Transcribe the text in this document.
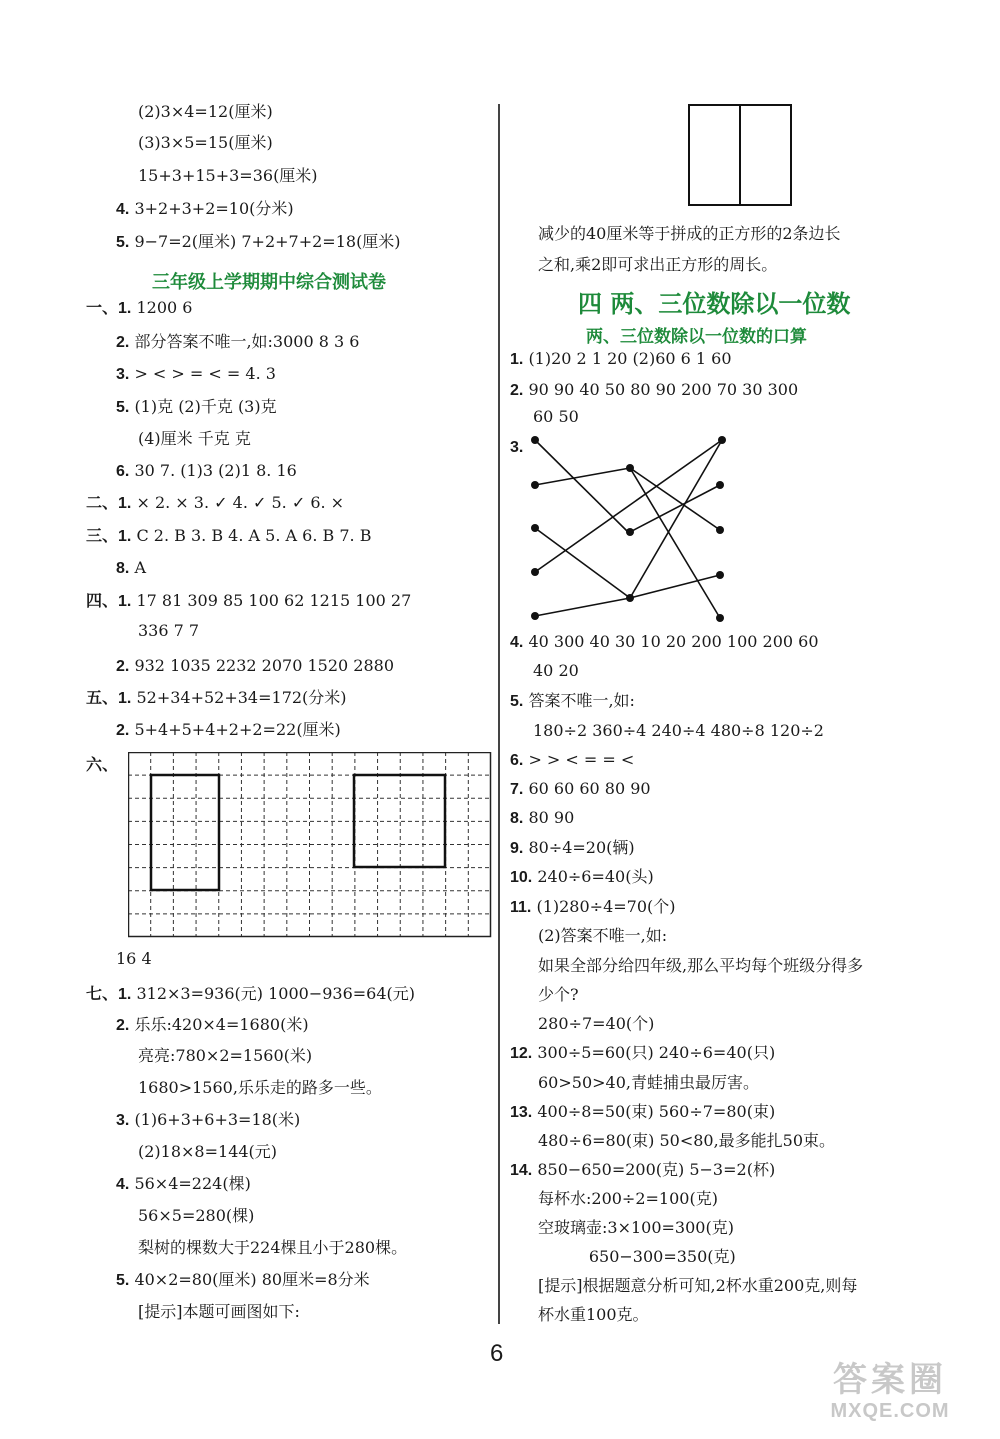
(2)3×4=12(厘米)
(3)3×5=15(厘米)
15+3+15+3=36(厘米)
4. 3+2+3+2=10(分米)
5. 9−7=2(厘米) 7+2+7+2=18(厘米)
三年级上学期期中综合测试卷
一、1. 1200 6
2. 部分答案不唯一,如:3000 8 3 6
3. > < > = < = 4. 3
5. (1)克 (2)千克 (3)克
(4)厘米 千克 克
6. 30 7. (1)3 (2)1 8. 16
二、1. × 2. × 3. ✓ 4. ✓ 5. ✓ 6. ×
三、1. C 2. B 3. B 4. A 5. A 6. B 7. B
8. A
四、1. 17 81 309 85 100 62 1215 100 27
336 7 7
2. 932 1035 2232 2070 1520 2880
五、1. 52+34+52+34=172(分米)
2. 5+4+5+4+2+2=22(厘米)
六、
16 4
七、1. 312×3=936(元) 1000−936=64(元)
2. 乐乐:420×4=1680(米)
亮亮:780×2=1560(米)
1680>1560,乐乐走的路多一些。
3. (1)6+3+6+3=18(米)
(2)18×8=144(元)
4. 56×4=224(棵)
56×5=280(棵)
梨树的棵数大于224棵且小于280棵。
5. 40×2=80(厘米) 80厘米=8分米
[提示]本题可画图如下:
减少的40厘米等于拼成的正方形的2条边长
之和,乘2即可求出正方形的周长。
四 两、三位数除以一位数
两、三位数除以一位数的口算
1. (1)20 2 1 20 (2)60 6 1 60
2. 90 90 40 50 80 90 200 70 30 300
60 50
3.
4. 40 300 40 30 10 20 200 100 200 60
40 20
5. 答案不唯一,如:
180÷2 360÷4 240÷4 480÷8 120÷2
6. > > < = = <
7. 60 60 60 80 90
8. 80 90
9. 80÷4=20(辆)
10. 240÷6=40(头)
11. (1)280÷4=70(个)
(2)答案不唯一,如:
如果全部分给四年级,那么平均每个班级分得多
少个?
280÷7=40(个)
12. 300÷5=60(只) 240÷6=40(只)
60>50>40,青蛙捕虫最厉害。
13. 400÷8=50(束) 560÷7=80(束)
480÷6=80(束) 50<80,最多能扎50束。
14. 850−650=200(克) 5−3=2(杯)
每杯水:200÷2=100(克)
空玻璃壶:3×100=300(克)
650−300=350(克)
[提示]根据题意分析可知,2杯水重200克,则每
杯水重100克。
6
答案圈
MXQE.COM
